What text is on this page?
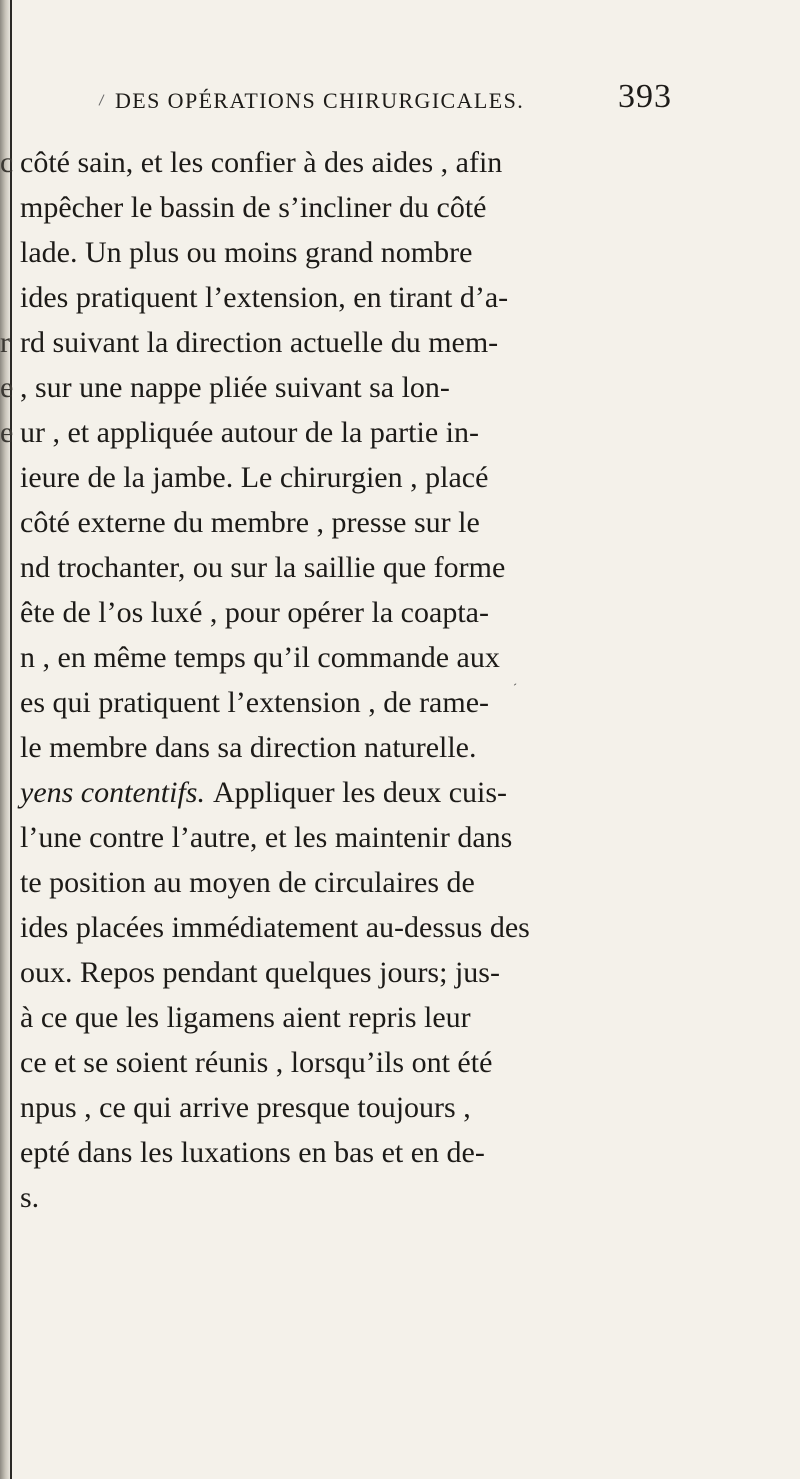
DES OPÉRATIONS CHIRURGICALES.	393
c côté sain, et les confier à des aides , afin
mpêcher le bassin de s’incliner du côté
lade. Un plus ou moins grand nombre
ides pratiquent l’extension, en tirant d’a-
r rd suivant la direction actuelle du mem-
e , sur une nappe pliée suivant sa lon-
e ur , et appliquée autour de la partie in-
ieure de la jambe. Le chirurgien , placé
côté externe du membre , presse sur le
nd trochanter, ou sur la saillie que forme
ête de l’os luxé , pour opérer la coapta-
n , en même temps qu’il commande aux
es qui pratiquent l’extension , de rame-
le membre dans sa direction naturelle.
yens contentifs. Appliquer les deux cuis-
l’une contre l’autre, et les maintenir dans
te position au moyen de circulaires de
ides placées immédiatement au-dessus des
oux. Repos pendant quelques jours; jus-
à ce que les ligamens aient repris leur
ce et se soient réunis , lorsqu’ils ont été
npus , ce qui arrive presque toujours ,
epté dans les luxations en bas et en de-
s.
ˊ
